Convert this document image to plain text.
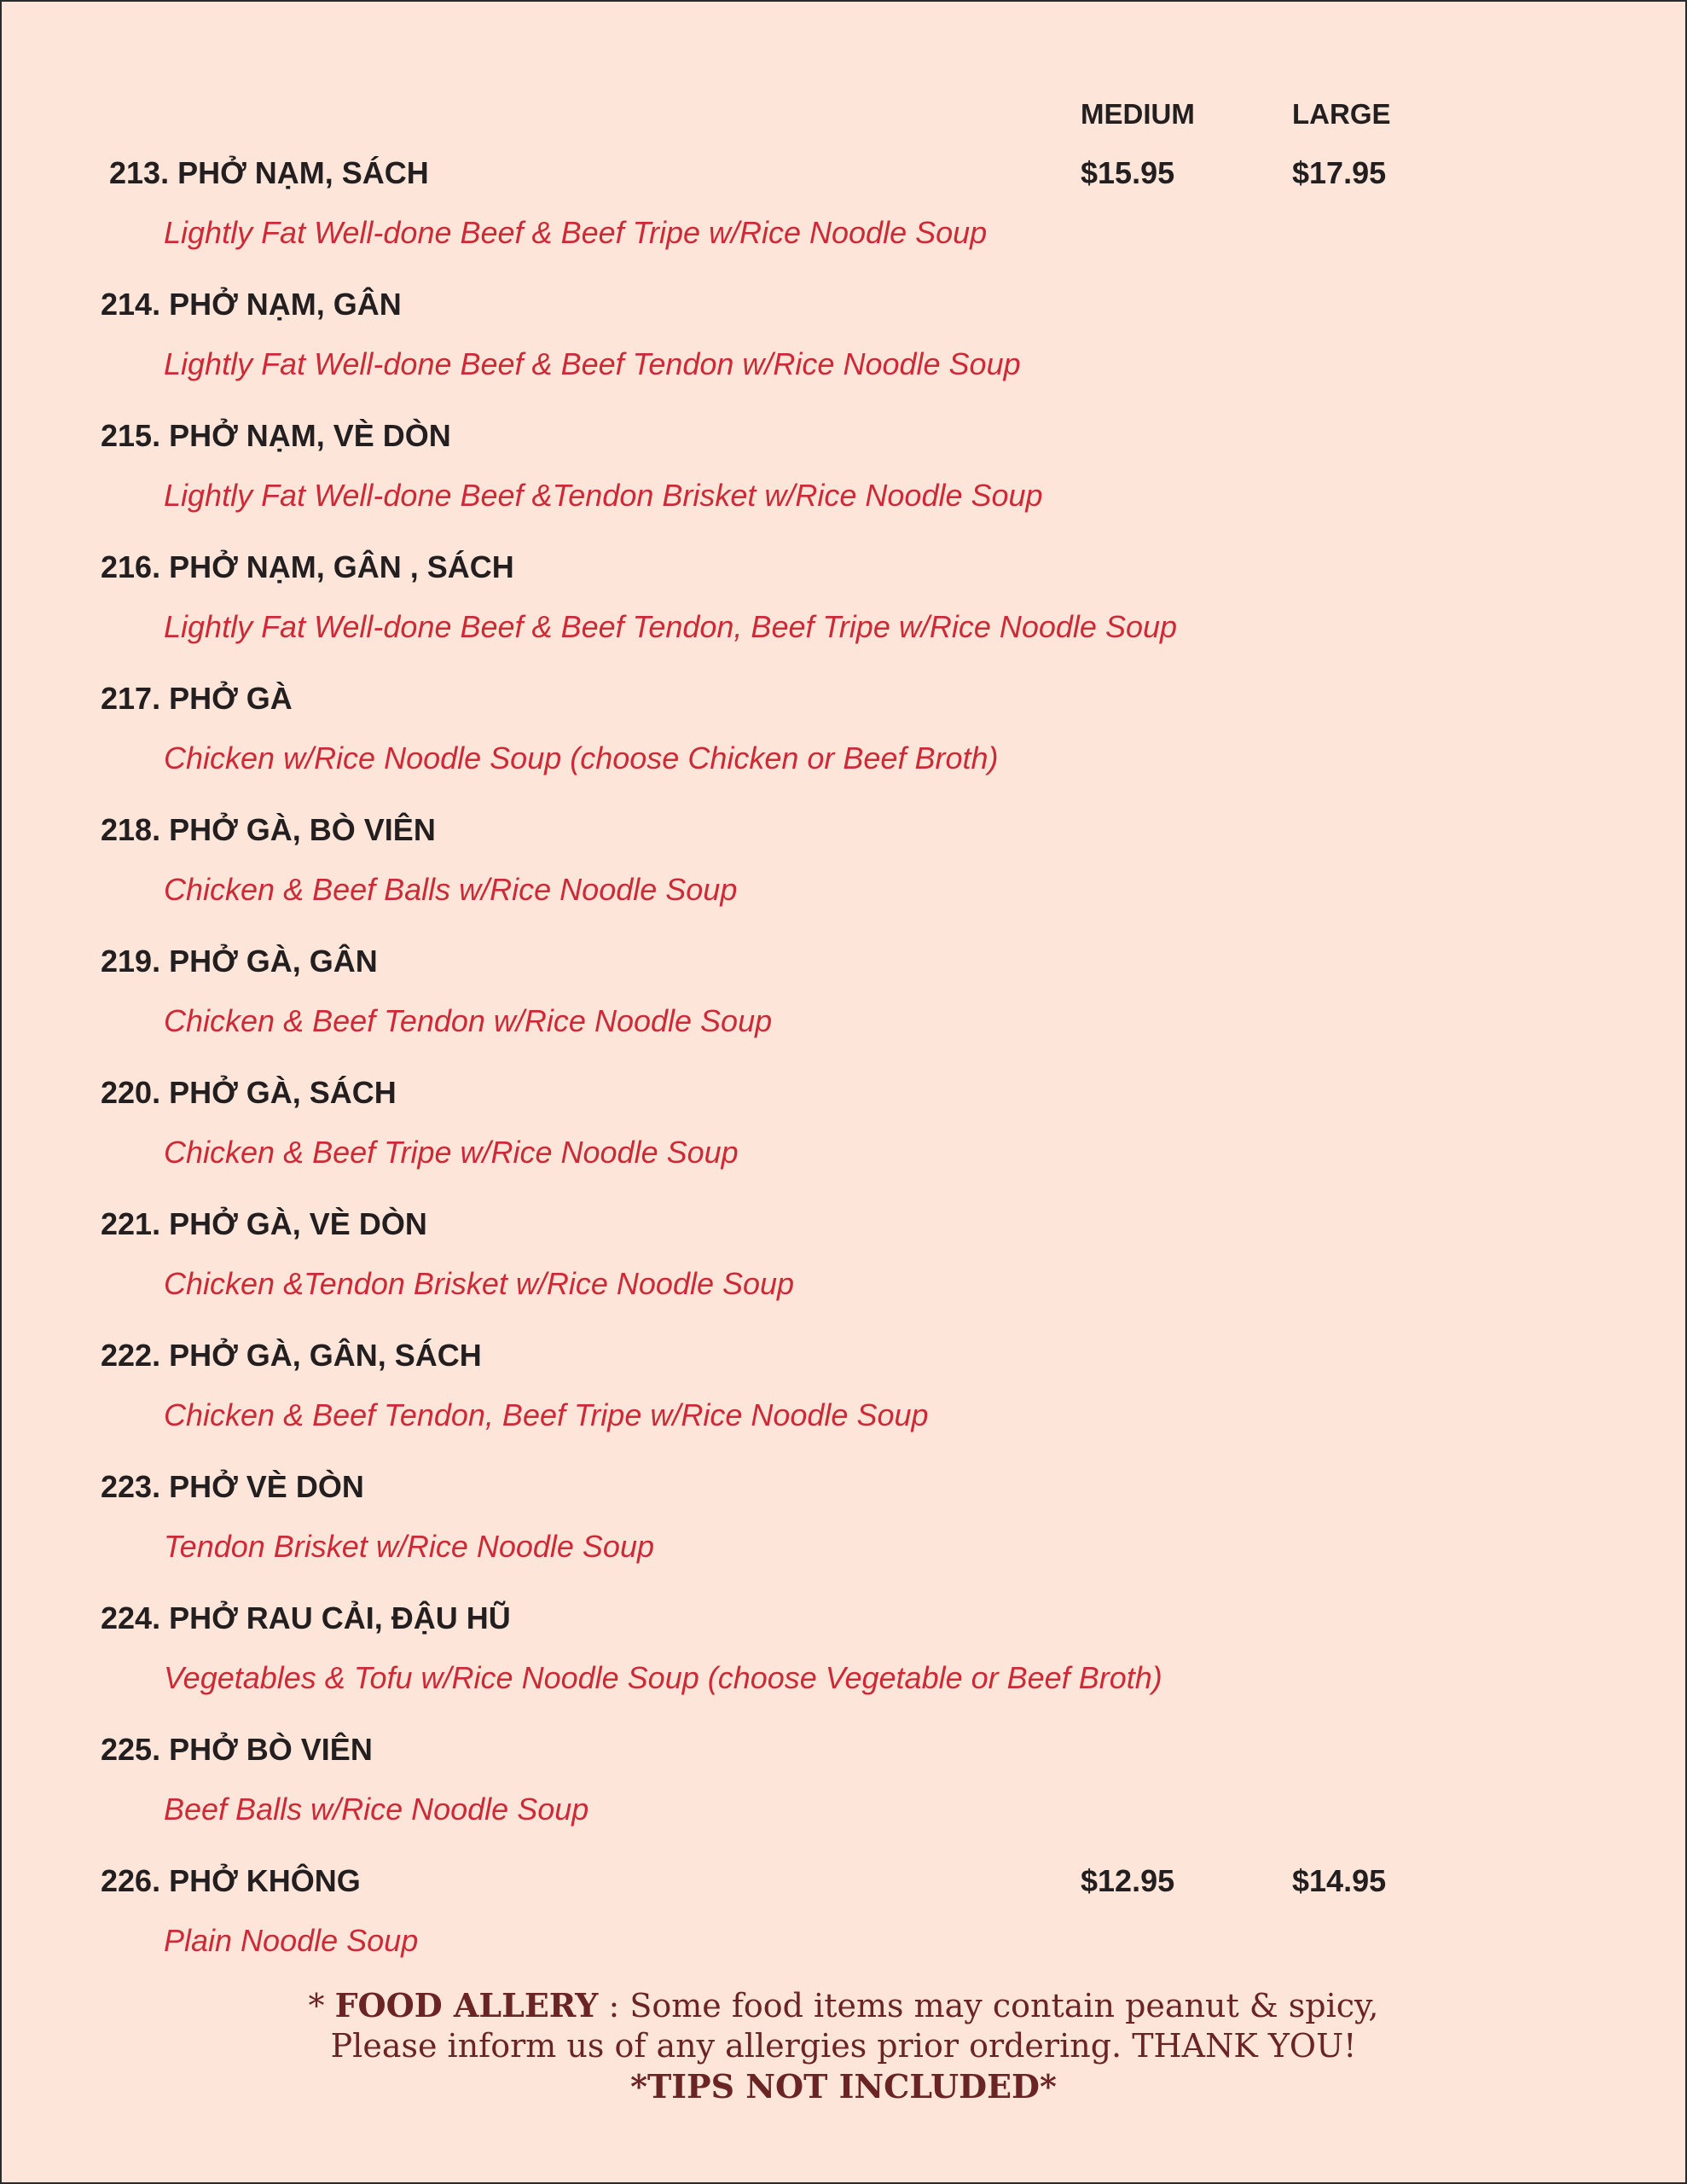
MEDIUM	LARGE
213. PHỞ NẠM, SÁCH	$15.95	$17.95
Lightly Fat Well-done Beef & Beef Tripe w/Rice Noodle Soup
214. PHỞ NẠM, GÂN
Lightly Fat Well-done Beef & Beef Tendon w/Rice Noodle Soup
215. PHỞ NẠM, VÈ DÒN
Lightly Fat Well-done Beef &Tendon Brisket w/Rice Noodle Soup
216. PHỞ NẠM, GÂN , SÁCH
Lightly Fat Well-done Beef & Beef Tendon, Beef Tripe w/Rice Noodle Soup
217. PHỞ GÀ
Chicken w/Rice Noodle Soup (choose Chicken or Beef Broth)
218. PHỞ GÀ, BÒ VIÊN
Chicken & Beef Balls w/Rice Noodle Soup
219. PHỞ GÀ, GÂN
Chicken & Beef Tendon w/Rice Noodle Soup
220. PHỞ GÀ, SÁCH
Chicken & Beef Tripe w/Rice Noodle Soup
221. PHỞ GÀ, VÈ DÒN
Chicken &Tendon Brisket w/Rice Noodle Soup
222. PHỞ GÀ, GÂN, SÁCH
Chicken & Beef Tendon, Beef Tripe w/Rice Noodle Soup
223. PHỞ VÈ DÒN
Tendon Brisket w/Rice Noodle Soup
224. PHỞ RAU CẢI, ĐẬU HŨ
Vegetables & Tofu w/Rice Noodle Soup (choose Vegetable or Beef Broth)
225. PHỞ BÒ VIÊN
Beef Balls w/Rice Noodle Soup
226. PHỞ KHÔNG	$12.95	$14.95
Plain Noodle Soup
* FOOD ALLERY : Some food items may contain peanut & spicy,
Please inform us of any allergies prior ordering. THANK YOU!
*TIPS NOT INCLUDED*
